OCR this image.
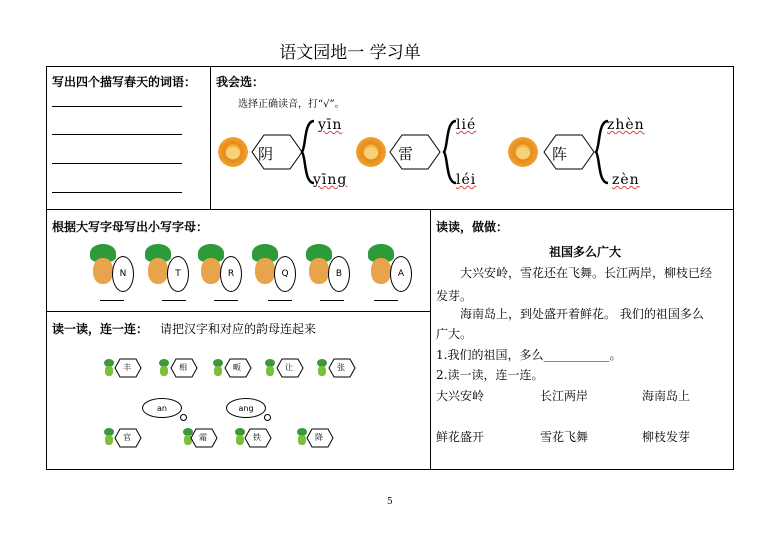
语文园地一 学习单
写出四个描写春天的词语： 我会选：
选择正确读音，打“√”。
阴
yīn
yīng
雷
lié
léi
阵
zhèn
zèn
根据大写字母写出小写字母：
N	T	R	Q	B	A
读一读，连一连： 请把汉字和对应的韵母连起来
丰	相	畈	让	张
an	ang
官	霜	铁	降
读读，做做：
祖国多么广大
大兴安岭，雪花还在飞舞。长江两岸，柳枝已经
发芽。
海南岛上，到处盛开着鲜花。 我们的祖国多么
广大。
1.我们的祖国，多么___________。
2.读一读，连一连。
大兴安岭	长江两岸	海南岛上
鲜花盛开	雪花飞舞	柳枝发芽
5
